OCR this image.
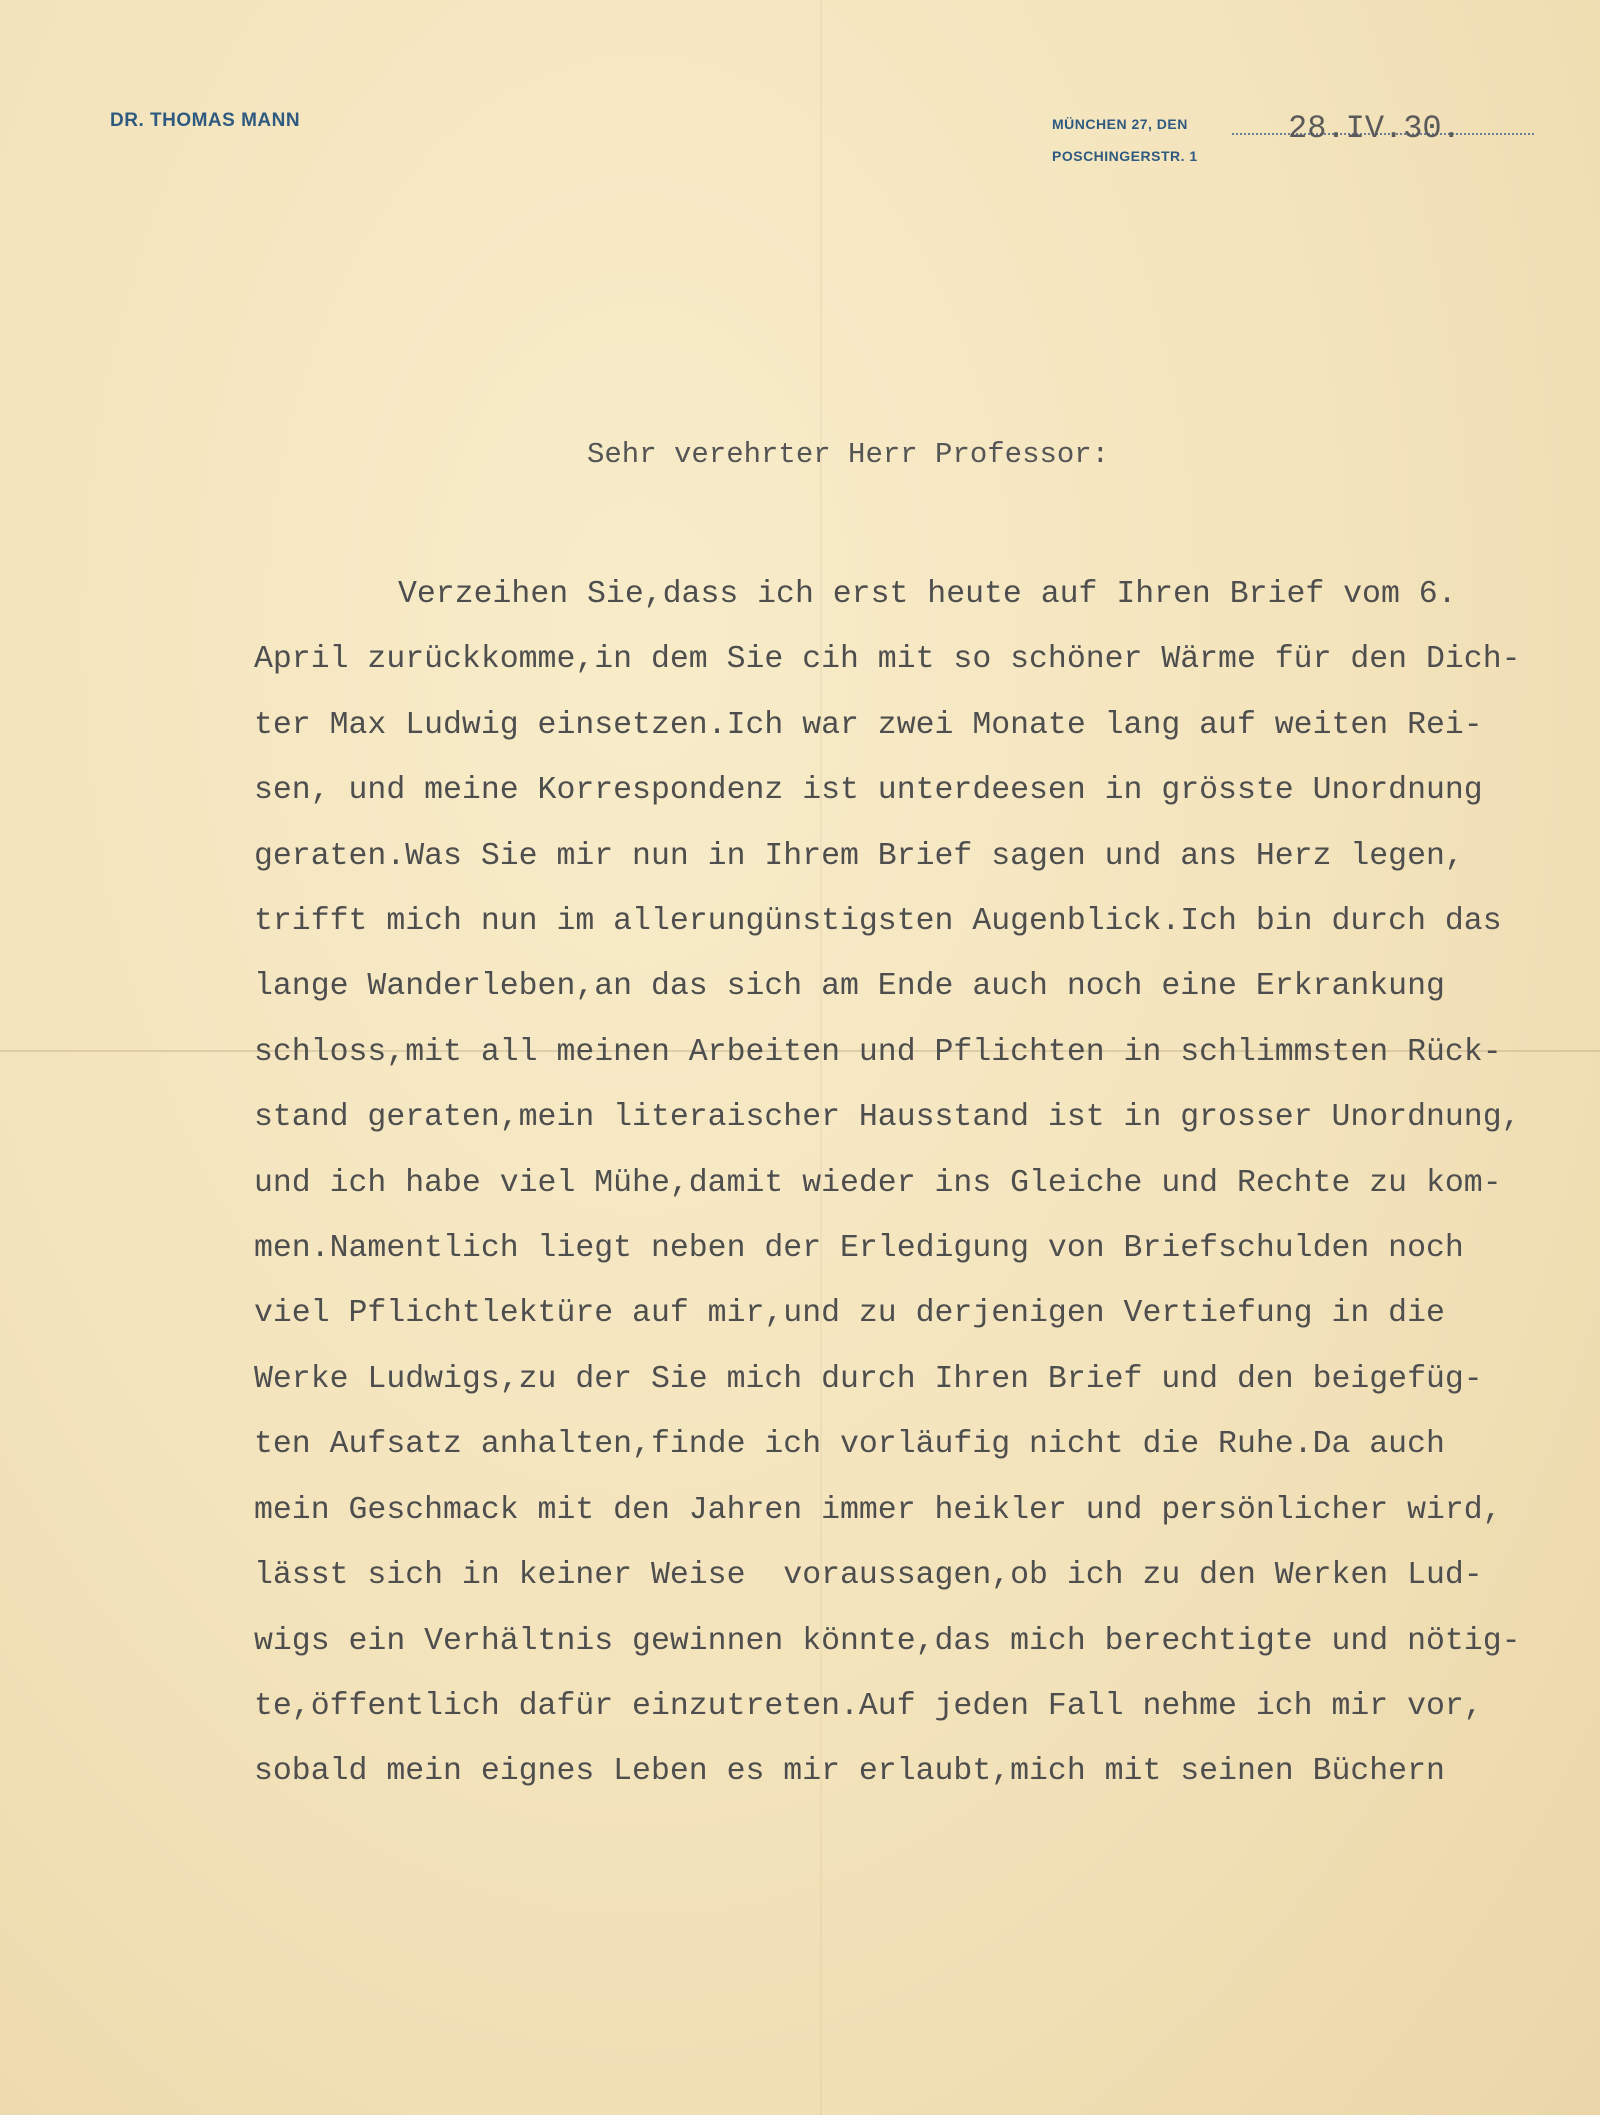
DR. THOMAS MANN	MÜNCHEN 27, DEN	28.IV.30.
POSCHINGERSTR. 1
Sehr verehrter Herr Professor:
Verzeihen Sie,dass ich erst heute auf Ihren Brief vom 6.
April zurückkomme,in dem Sie cih mit so schöner Wärme für den Dich-
ter Max Ludwig einsetzen.Ich war zwei Monate lang auf weiten Rei-
sen, und meine Korrespondenz ist unterdeesen in grösste Unordnung
geraten.Was Sie mir nun in Ihrem Brief sagen und ans Herz legen,
trifft mich nun im allerungünstigsten Augenblick.Ich bin durch das
lange Wanderleben,an das sich am Ende auch noch eine Erkrankung
schloss,mit all meinen Arbeiten und Pflichten in schlimmsten Rück-
stand geraten,mein literaischer Hausstand ist in grosser Unordnung,
und ich habe viel Mühe,damit wieder ins Gleiche und Rechte zu kom-
men.Namentlich liegt neben der Erledigung von Briefschulden noch
viel Pflichtlektüre auf mir,und zu derjenigen Vertiefung in die
Werke Ludwigs,zu der Sie mich durch Ihren Brief und den beigefüg-
ten Aufsatz anhalten,finde ich vorläufig nicht die Ruhe.Da auch
mein Geschmack mit den Jahren immer heikler und persönlicher wird,
lässt sich in keiner Weise  voraussagen,ob ich zu den Werken Lud-
wigs ein Verhältnis gewinnen könnte,das mich berechtigte und nötig-
te,öffentlich dafür einzutreten.Auf jeden Fall nehme ich mir vor,
sobald mein eignes Leben es mir erlaubt,mich mit seinen Büchern
